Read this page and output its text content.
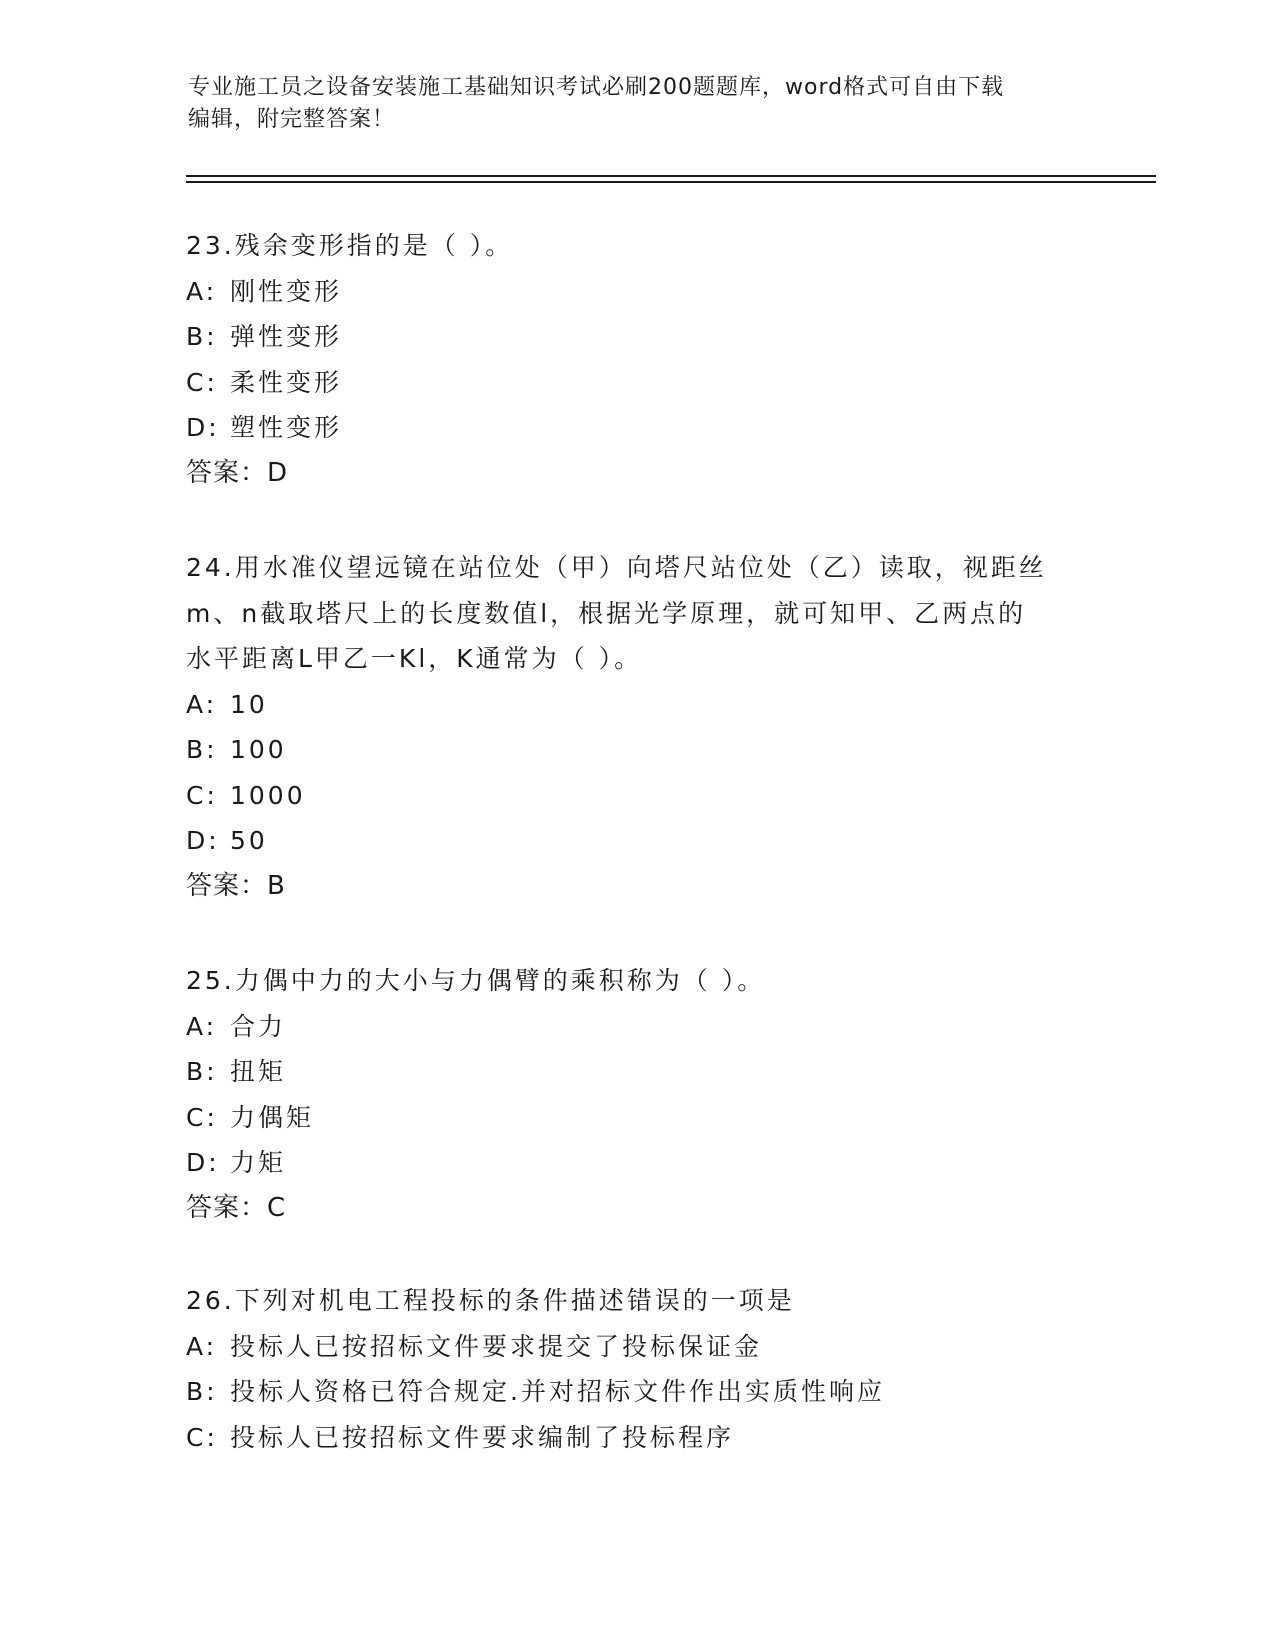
专业施工员之设备安装施工基础知识考试必刷200题题库，word格式可自由下载
编辑，附完整答案！
23.残余变形指的是（ ）。
A: 刚性变形
B: 弹性变形
C: 柔性变形
D: 塑性变形
答案：D
24.用水准仪望远镜在站位处（甲）向塔尺站位处（乙）读取，视距丝
m、n截取塔尺上的长度数值l，根据光学原理，就可知甲、乙两点的
水平距离L甲乙一Kl，K通常为（ ）。
A: 10
B: 100
C: 1000
D: 50
答案：B
25.力偶中力的大小与力偶臂的乘积称为（ ）。
A: 合力
B: 扭矩
C: 力偶矩
D: 力矩
答案：C
26.下列对机电工程投标的条件描述错误的一项是
A: 投标人已按招标文件要求提交了投标保证金
B: 投标人资格已符合规定.并对招标文件作出实质性响应
C: 投标人已按招标文件要求编制了投标程序
